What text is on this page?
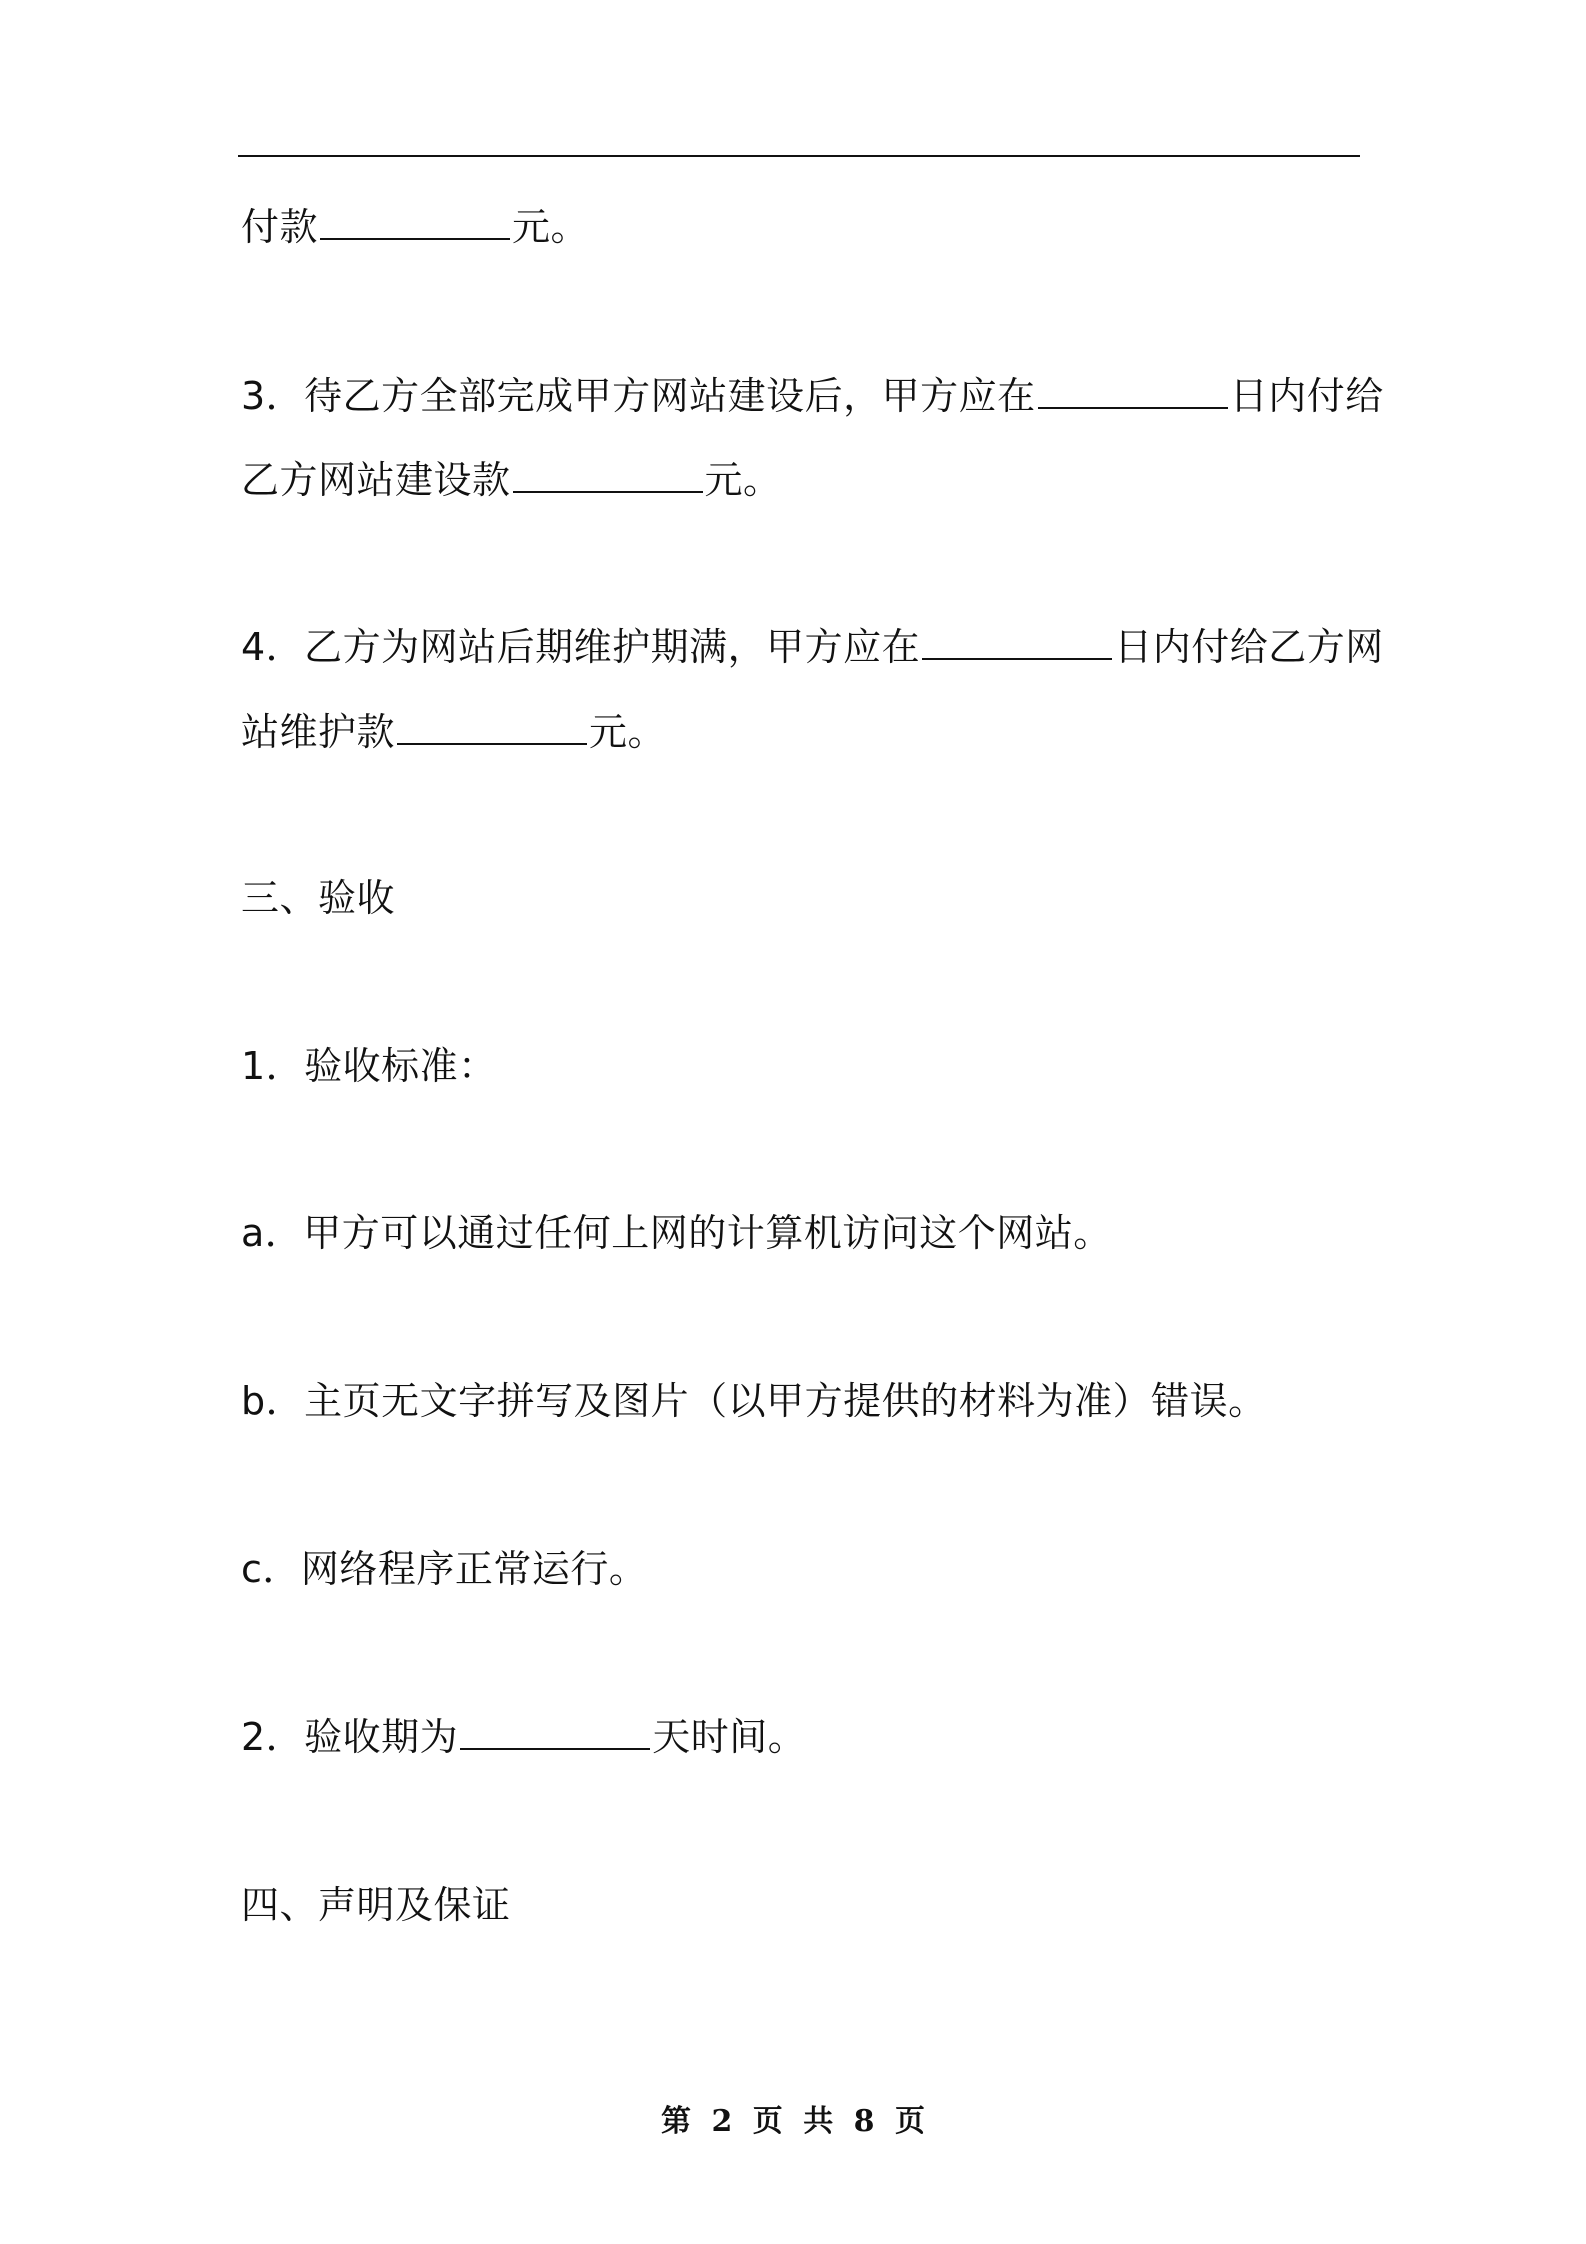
付款	元。
3．待乙方全部完成甲方网站建设后，甲方应在	日内付给
乙方网站建设款	元。
4．乙方为网站后期维护期满，甲方应在	日内付给乙方网
站维护款	元。
三、验收
1．验收标准：
a．甲方可以通过任何上网的计算机访问这个网站。
b．主页无文字拼写及图片（以甲方提供的材料为准）错误。
c．网络程序正常运行。
2．验收期为	天时间。
四、声明及保证
第 2 页 共 8 页
